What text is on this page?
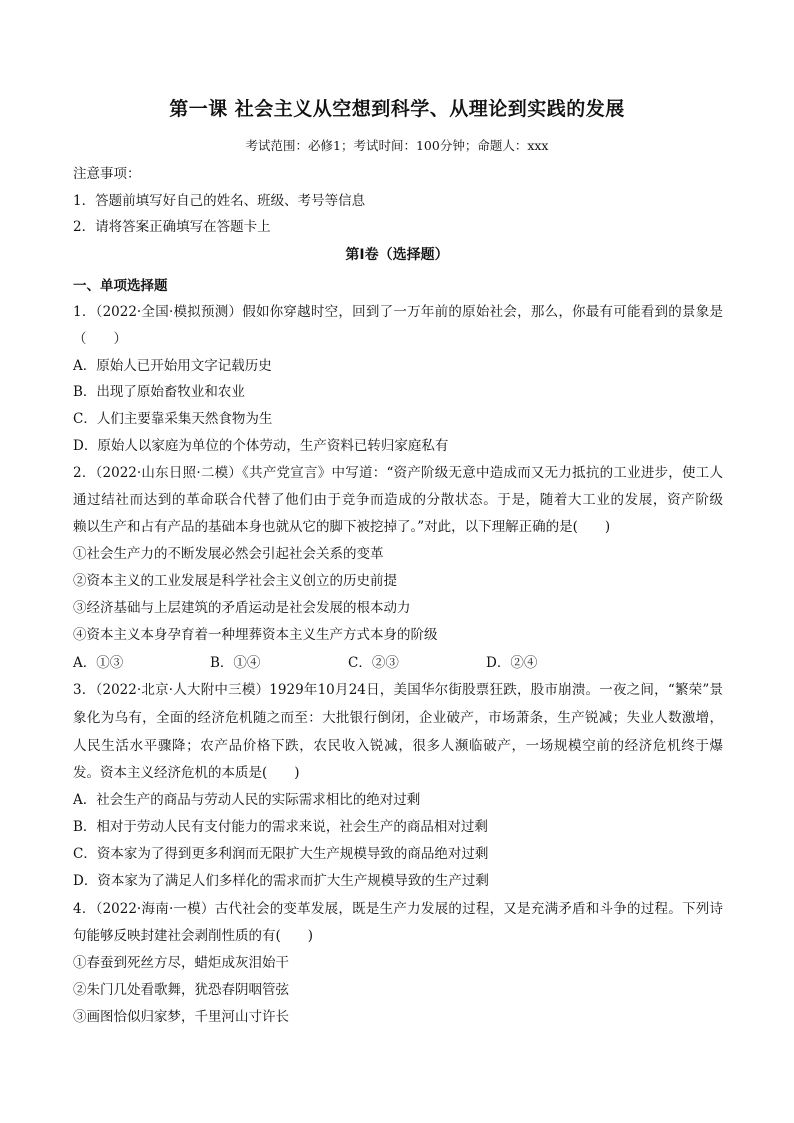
第一课 社会主义从空想到科学、从理论到实践的发展
考试范围：必修1；考试时间：100分钟；命题人：xxx
注意事项：
1．答题前填写好自己的姓名、班级、考号等信息
2．请将答案正确填写在答题卡上
第I卷（选择题）
一、单项选择题
1．（2022·全国·模拟预测）假如你穿越时空，回到了一万年前的原始社会，那么，你最有可能看到的景象是
（　　）
A．原始人已开始用文字记载历史
B．出现了原始畜牧业和农业
C．人们主要靠采集天然食物为生
D．原始人以家庭为单位的个体劳动，生产资料已转归家庭私有
2．（2022·山东日照·二模）《共产党宣言》中写道：“资产阶级无意中造成而又无力抵抗的工业进步，使工人
通过结社而达到的革命联合代替了他们由于竞争而造成的分散状态。于是，随着大工业的发展，资产阶级
赖以生产和占有产品的基础本身也就从它的脚下被挖掉了。”对此，以下理解正确的是(　　)
①社会生产力的不断发展必然会引起社会关系的变革
②资本主义的工业发展是科学社会主义创立的历史前提
③经济基础与上层建筑的矛盾运动是社会发展的根本动力
④资本主义本身孕育着一种埋葬资本主义生产方式本身的阶级
A．①③	B．①④	C．②③	D．②④
3．（2022·北京·人大附中三模）1929年10月24日，美国华尔街股票狂跌，股市崩溃。一夜之间，“繁荣”景
象化为乌有，全面的经济危机随之而至：大批银行倒闭，企业破产，市场萧条，生产锐减；失业人数激增，
人民生活水平骤降；农产品价格下跌，农民收入锐减，很多人濒临破产，一场规模空前的经济危机终于爆
发。资本主义经济危机的本质是(　　)
A．社会生产的商品与劳动人民的实际需求相比的绝对过剩
B．相对于劳动人民有支付能力的需求来说，社会生产的商品相对过剩
C．资本家为了得到更多利润而无限扩大生产规模导致的商品绝对过剩
D．资本家为了满足人们多样化的需求而扩大生产规模导致的生产过剩
4．（2022·海南·一模）古代社会的变革发展，既是生产力发展的过程，又是充满矛盾和斗争的过程。下列诗
句能够反映封建社会剥削性质的有(　　)
①春蚕到死丝方尽，蜡炬成灰泪始干
②朱门几处看歌舞，犹恐春阴咽管弦
③画图恰似归家梦，千里河山寸许长
